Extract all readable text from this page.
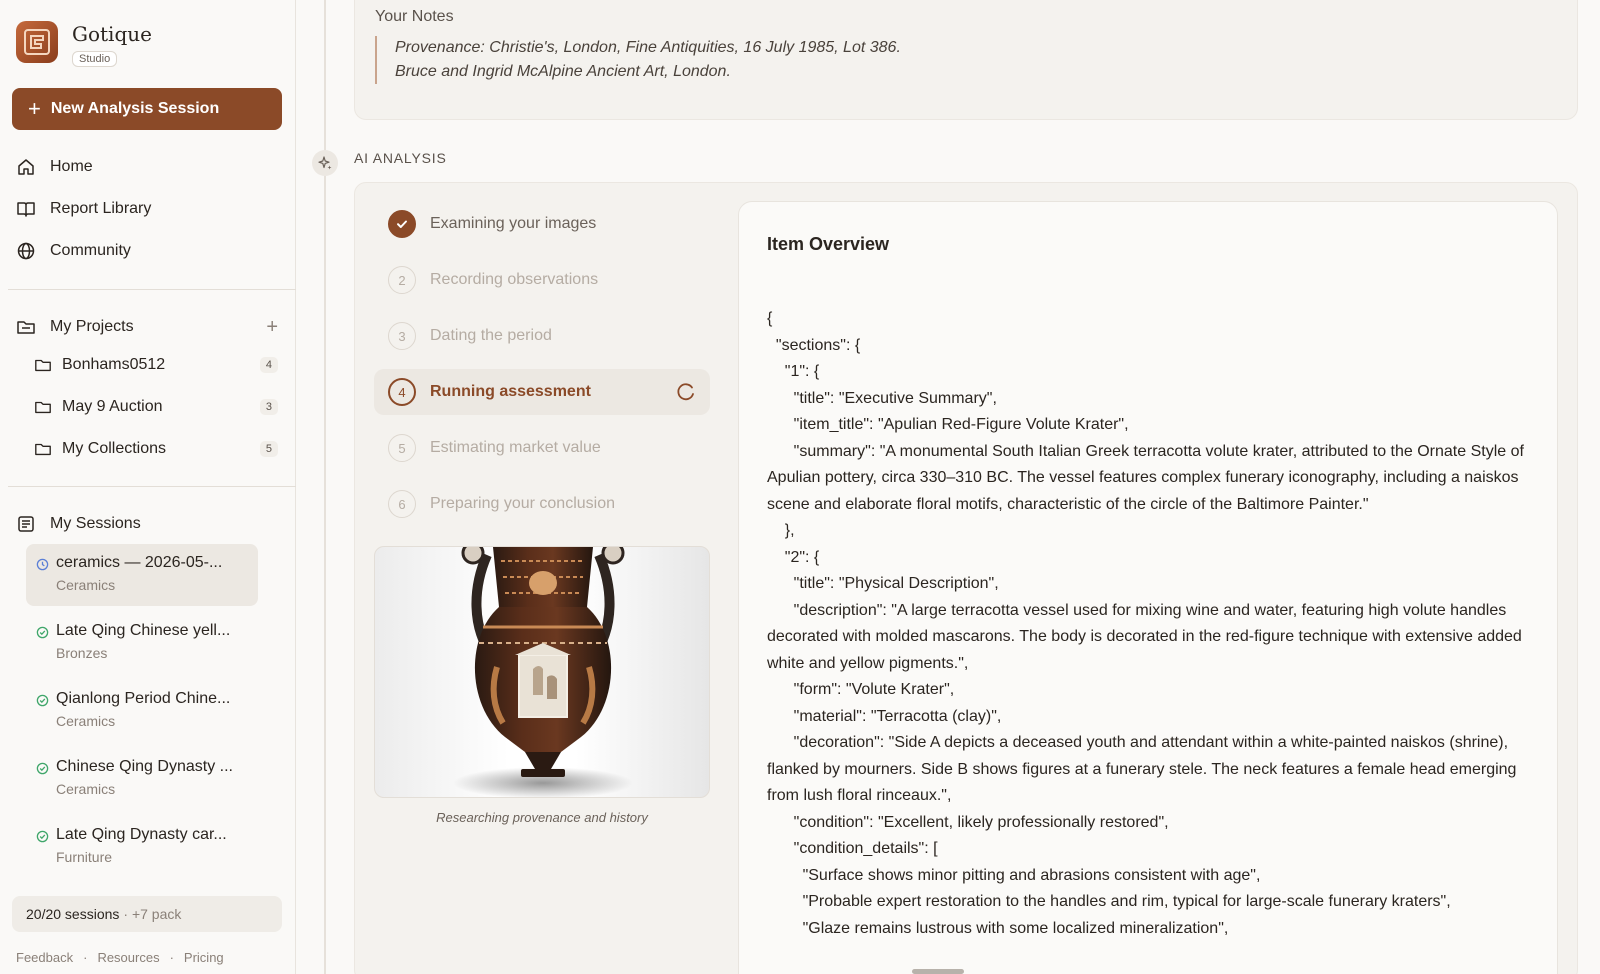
Gotique
Studio
+ New Analysis Session
Home
Report Library
Community
My Projects	+
Bonhams0512	4
May 9 Auction	3
My Collections	5
My Sessions
ceramics — 2026-05-...
Ceramics
Late Qing Chinese yell...
Bronzes
Qianlong Period Chine...
Ceramics
Chinese Qing Dynasty ...
Ceramics
Late Qing Dynasty car...
Furniture
20/20 sessions · +7 pack
Feedback · Resources · Pricing
Your Notes
Provenance: Christie's, London, Fine Antiquities, 16 July 1985, Lot 386.
Bruce and Ingrid McAlpine Ancient Art, London.
AI ANALYSIS
Examining your images
2	Recording observations
3	Dating the period
4	Running assessment
5	Estimating market value
6	Preparing your conclusion
Researching provenance and history
Item Overview
{
"sections": {
"1": {
"title": "Executive Summary",
"item_title": "Apulian Red-Figure Volute Krater",
"summary": "A monumental South Italian Greek terracotta volute krater, attributed to the Ornate Style of Apulian pottery, circa 330–310 BC. The vessel features complex funerary iconography, including a naiskos scene and elaborate floral motifs, characteristic of the circle of the Baltimore Painter."
},
"2": {
"title": "Physical Description",
"description": "A large terracotta vessel used for mixing wine and water, featuring high volute handles decorated with molded mascarons. The body is decorated in the red-figure technique with extensive added white and yellow pigments.",
"form": "Volute Krater",
"material": "Terracotta (clay)",
"decoration": "Side A depicts a deceased youth and attendant within a white-painted naiskos (shrine), flanked by mourners. Side B shows figures at a funerary stele. The neck features a female head emerging from lush floral rinceaux.",
"condition": "Excellent, likely professionally restored",
"condition_details": [
"Surface shows minor pitting and abrasions consistent with age",
"Probable expert restoration to the handles and rim, typical for large-scale funerary kraters",
"Glaze remains lustrous with some localized mineralization",
